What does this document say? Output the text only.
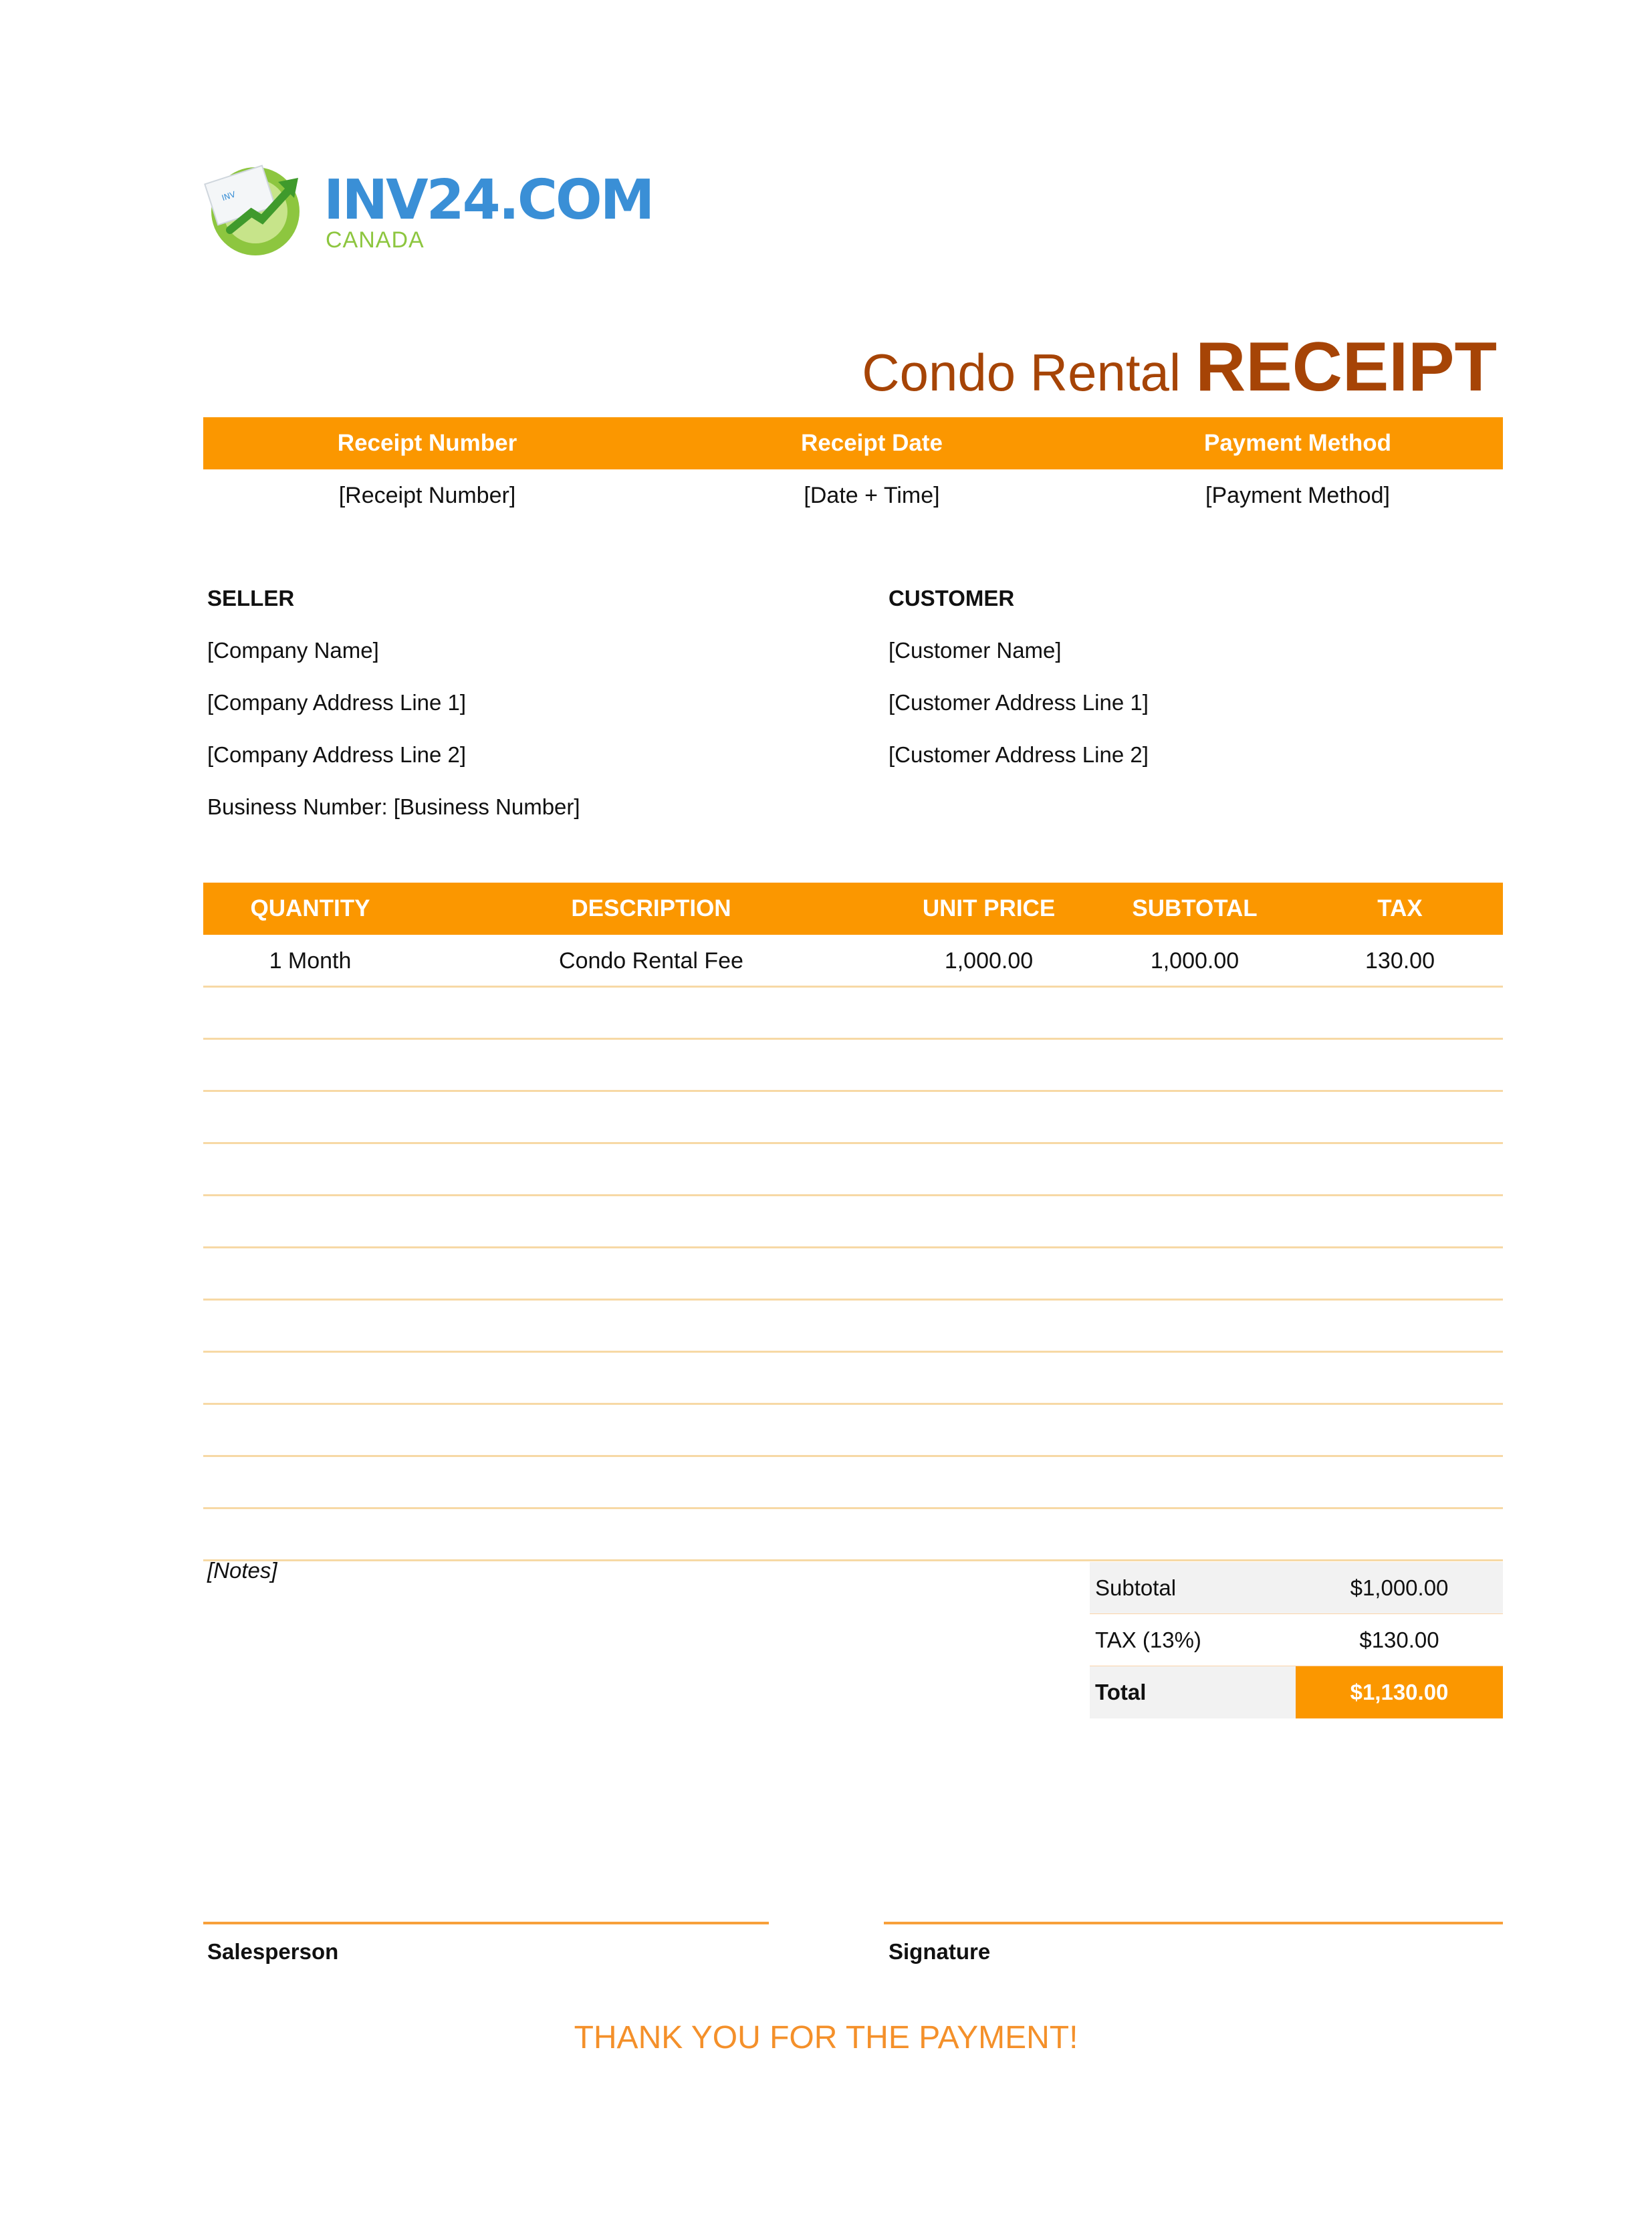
INV INV24.COM
CANADA
Condo Rental RECEIPT
Receipt Number	Receipt Date	Payment Method
[Receipt Number]	[Date + Time]	[Payment Method]
SELLER
[Company Name]
[Company Address Line 1]
[Company Address Line 2]
Business Number: [Business Number]
CUSTOMER
[Customer Name]
[Customer Address Line 1]
[Customer Address Line 2]
QUANTITY	DESCRIPTION	UNIT PRICE	SUBTOTAL	TAX
1 Month	Condo Rental Fee	1,000.00	1,000.00	130.00
[Notes]
Subtotal	$1,000.00
TAX (13%)	$130.00
Total	$1,130.00
Salesperson	Signature
THANK YOU FOR THE PAYMENT!
